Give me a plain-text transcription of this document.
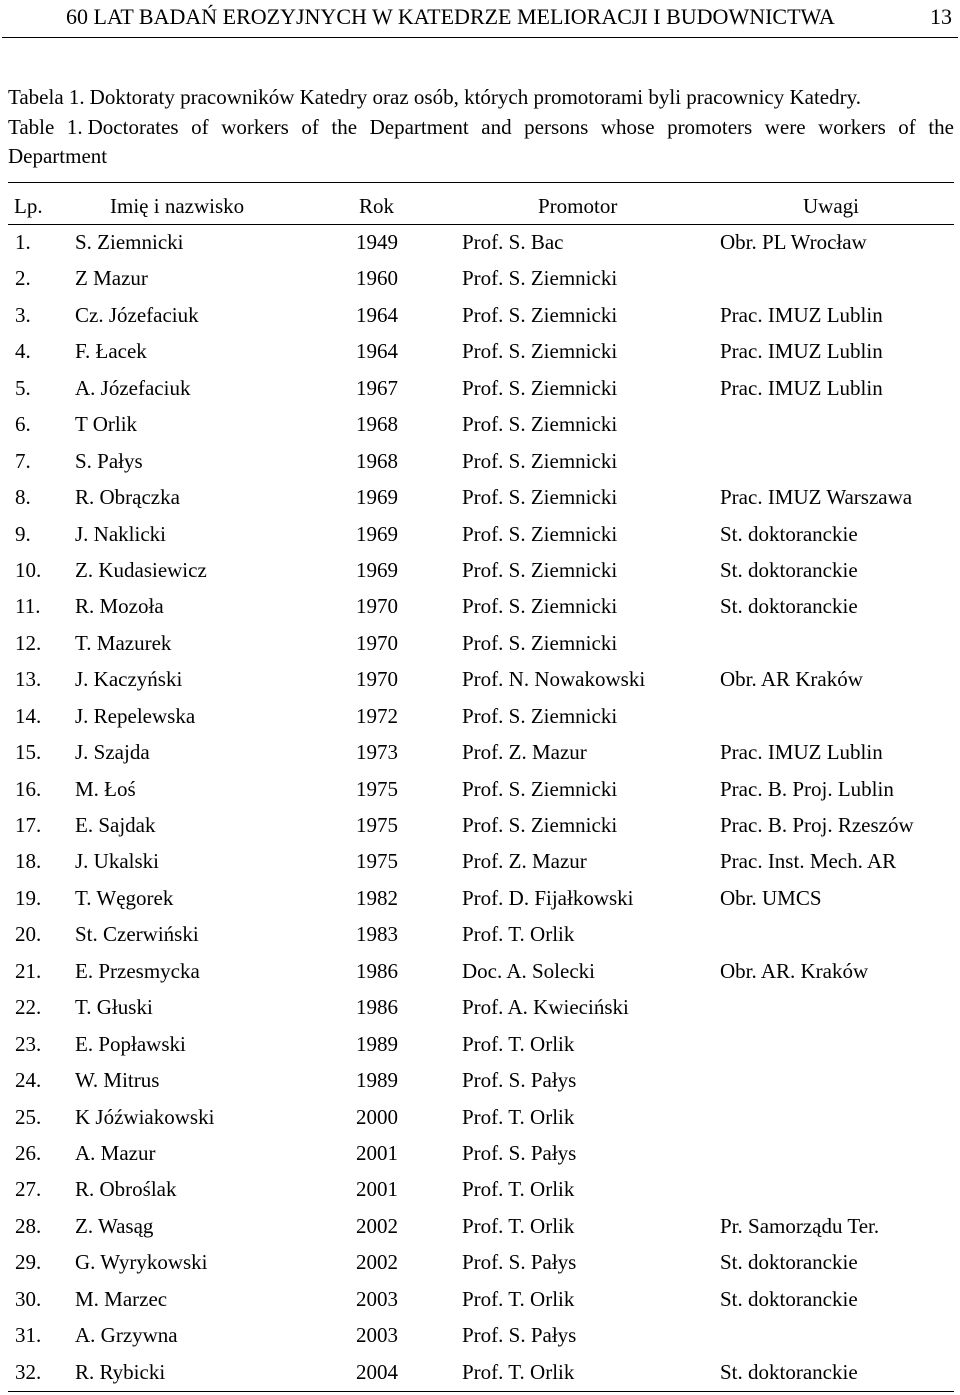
60 LAT BADAŃ EROZYJNYCH W KATEDRZE MELIORACJI I BUDOWNICTWA	13
Tabela 1. Doktoraty pracowników Katedry oraz osób, których promotorami byli pracownicy Katedry.
Table 1. Doctorates of workers of the Department and persons whose promoters were workers of the Department
Lp.	Imię i nazwisko	Rok	Promotor	Uwagi
1. S. Ziemnicki	1949	Prof. S. Bac	Obr. PL Wrocław
2. Z Mazur	1960	Prof. S. Ziemnicki
3. Cz. Józefaciuk	1964	Prof. S. Ziemnicki	Prac. IMUZ Lublin
4. F. Łacek	1964	Prof. S. Ziemnicki	Prac. IMUZ Lublin
5. A. Józefaciuk	1967	Prof. S. Ziemnicki	Prac. IMUZ Lublin
6. T Orlik	1968	Prof. S. Ziemnicki
7. S. Pałys	1968	Prof. S. Ziemnicki
8. R. Obrączka	1969	Prof. S. Ziemnicki	Prac. IMUZ Warszawa
9. J. Naklicki	1969	Prof. S. Ziemnicki	St. doktoranckie
10. Z. Kudasiewicz	1969	Prof. S. Ziemnicki	St. doktoranckie
11. R. Mozoła	1970	Prof. S. Ziemnicki	St. doktoranckie
12. T. Mazurek	1970	Prof. S. Ziemnicki
13. J. Kaczyński	1970	Prof. N. Nowakowski	Obr. AR Kraków
14. J. Repelewska	1972	Prof. S. Ziemnicki
15. J. Szajda	1973	Prof. Z. Mazur	Prac. IMUZ Lublin
16. M. Łoś	1975	Prof. S. Ziemnicki	Prac. B. Proj. Lublin
17. E. Sajdak	1975	Prof. S. Ziemnicki	Prac. B. Proj. Rzeszów
18. J. Ukalski	1975	Prof. Z. Mazur	Prac. Inst. Mech. AR
19. T. Węgorek	1982	Prof. D. Fijałkowski	Obr. UMCS
20. St. Czerwiński	1983	Prof. T. Orlik
21. E. Przesmycka	1986	Doc. A. Solecki	Obr. AR. Kraków
22. T. Głuski	1986	Prof. A. Kwieciński
23. E. Popławski	1989	Prof. T. Orlik
24. W. Mitrus	1989	Prof. S. Pałys
25. K Jóźwiakowski	2000	Prof. T. Orlik
26. A. Mazur	2001	Prof. S. Pałys
27. R. Obroślak	2001	Prof. T. Orlik
28. Z. Wasąg	2002	Prof. T. Orlik	Pr. Samorządu Ter.
29. G. Wyrykowski	2002	Prof. S. Pałys	St. doktoranckie
30. M. Marzec	2003	Prof. T. Orlik	St. doktoranckie
31. A. Grzywna	2003	Prof. S. Pałys
32. R. Rybicki	2004	Prof. T. Orlik	St. doktoranckie
